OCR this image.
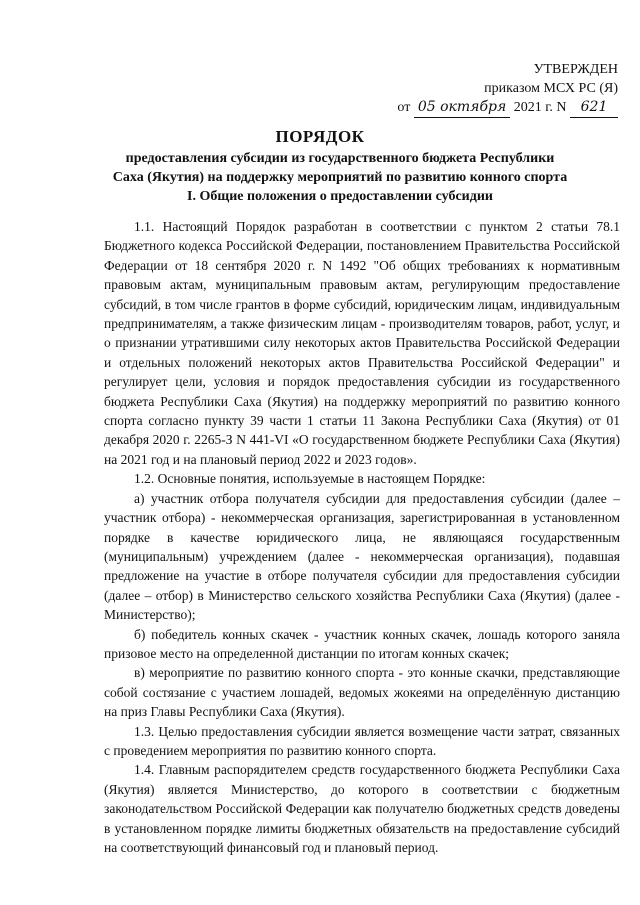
УТВЕРЖДЕН
приказом МСХ РС (Я)
от 05 октября 2021 г. N 621
ПОРЯДОК
предоставления субсидии из государственного бюджета Республики
Саха (Якутия) на поддержку мероприятий по развитию конного спорта
I. Общие положения о предоставлении субсидии

1.1. Настоящий Порядок разработан в соответствии с пунктом 2 статьи 78.1 Бюджетного кодекса Российской Федерации, постановлением Правительства Российской Федерации от 18 сентября 2020 г. N 1492 "Об общих требованиях к нормативным правовым актам, муниципальным правовым актам, регулирующим предоставление субсидий, в том числе грантов в форме субсидий, юридическим лицам, индивидуальным предпринимателям, а также физическим лицам - производителям товаров, работ, услуг, и о признании утратившими силу некоторых актов Правительства Российской Федерации и отдельных положений некоторых актов Правительства Российской Федерации" и регулирует цели, условия и порядок предоставления субсидии из государственного бюджета Республики Саха (Якутия) на поддержку мероприятий по развитию конного спорта согласно пункту 39 части 1 статьи 11 Закона Республики Саха (Якутия) от 01 декабря 2020 г. 2265-З N 441-VI «О государственном бюджете Республики Саха (Якутия) на 2021 год и на плановый период 2022 и 2023 годов».

1.2. Основные понятия, используемые в настоящем Порядке:

а) участник отбора получателя субсидии для предоставления субсидии (далее – участник отбора) - некоммерческая организация, зарегистрированная в установленном порядке в качестве юридического лица, не являющаяся государственным (муниципальным) учреждением (далее - некоммерческая организация), подавшая предложение на участие в отборе получателя субсидии для предоставления субсидии (далее – отбор) в Министерство сельского хозяйства Республики Саха (Якутия) (далее - Министерство);

б) победитель конных скачек - участник конных скачек, лошадь которого заняла призовое место на определенной дистанции по итогам конных скачек;

в) мероприятие по развитию конного спорта - это конные скачки, представляющие собой состязание с участием лошадей, ведомых жокеями на определённую дистанцию на приз Главы Республики Саха (Якутия).

1.3. Целью предоставления субсидии является возмещение части затрат, связанных с проведением мероприятия по развитию конного спорта.

1.4. Главным распорядителем средств государственного бюджета Республики Саха (Якутия) является Министерство, до которого в соответствии с бюджетным законодательством Российской Федерации как получателю бюджетных средств доведены в установленном порядке лимиты бюджетных обязательств на предоставление субсидий на соответствующий финансовый год и плановый период.
